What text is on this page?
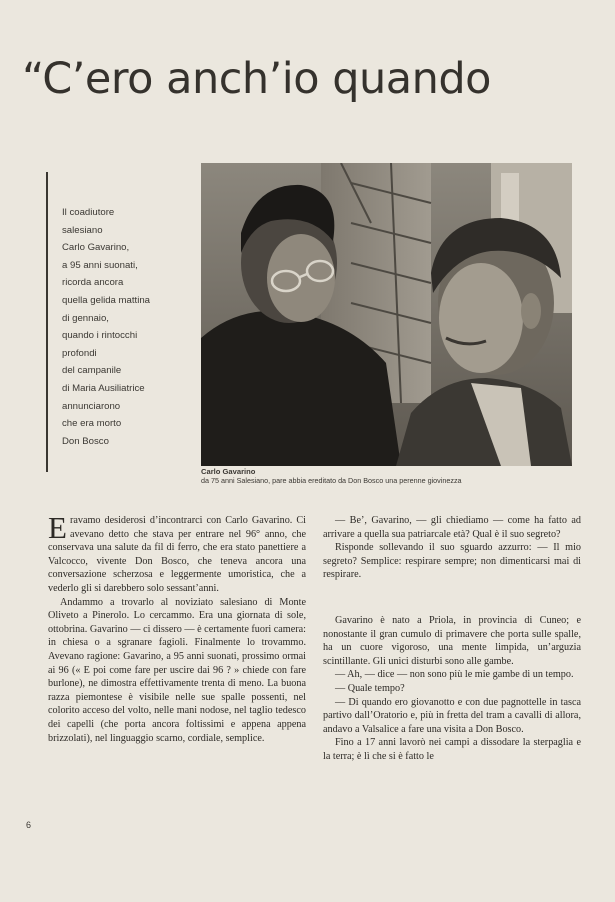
“C’ero anch’io quando
Il coadiutore
salesiano
Carlo Gavarino,
a 95 anni suonati,
ricorda ancora
quella gelida mattina
di gennaio,
quando i rintocchi
profondi
del campanile
di Maria Ausiliatrice
annunciarono
che era morto
Don Bosco
Carlo Gavarino
da 75 anni Salesiano, pare abbia ereditato da Don Bosco una perenne giovinezza

Eravamo desiderosi d’incontrarci con Carlo Gavarino. Ci avevano detto che stava per entrare nel 96° anno, che conservava una salute da fil di ferro, che era stato panettiere a Valcocco, vivente Don Bosco, che teneva ancora una conversazione scherzosa e leggermente umoristica, che a vederlo gli si darebbero solo sessant’anni.

Andammo a trovarlo al noviziato salesiano di Monte Oliveto a Pinerolo. Lo cercammo. Era una giornata di sole, ottobrina. Gavarino — ci dissero — è certamente fuori camera: in chiesa o a sgranare fagioli. Finalmente lo trovammo. Avevano ragione: Gavarino, a 95 anni suonati, prossimo ormai ai 96 (« E poi come fare per uscire dai 96 ? » chiede con fare burlone), ne dimostra effettivamente trenta di meno. La buona razza piemontese è visibile nelle sue spalle possenti, nel colorito acceso del volto, nelle mani nodose, nel taglio tedesco dei capelli (che porta ancora foltissimi e appena appena brizzolati), nel linguaggio scarno, cordiale, semplice.

— Be’, Gavarino, — gli chiediamo — come ha fatto ad arrivare a quella sua patriarcale età? Qual è il suo segreto?

Risponde sollevando il suo sguardo azzurro: — Il mio segreto? Semplice: respirare sempre; non dimenticarsi mai di respirare.

Gavarino è nato a Priola, in provincia di Cuneo; e nonostante il gran cumulo di primavere che porta sulle spalle, ha un cuore vigoroso, una mente limpida, un’arguzia scintillante. Gli unici disturbi sono alle gambe.

— Ah, — dice — non sono più le mie gambe di un tempo.

— Quale tempo?

— Di quando ero giovanotto e con due pagnottelle in tasca partivo dall’Oratorio e, più in fretta del tram a cavalli di allora, andavo a Valsalice a fare una visita a Don Bosco.

Fino a 17 anni lavorò nei campi a dissodare la sterpaglia e la terra; è lì che si è fatto le

6
